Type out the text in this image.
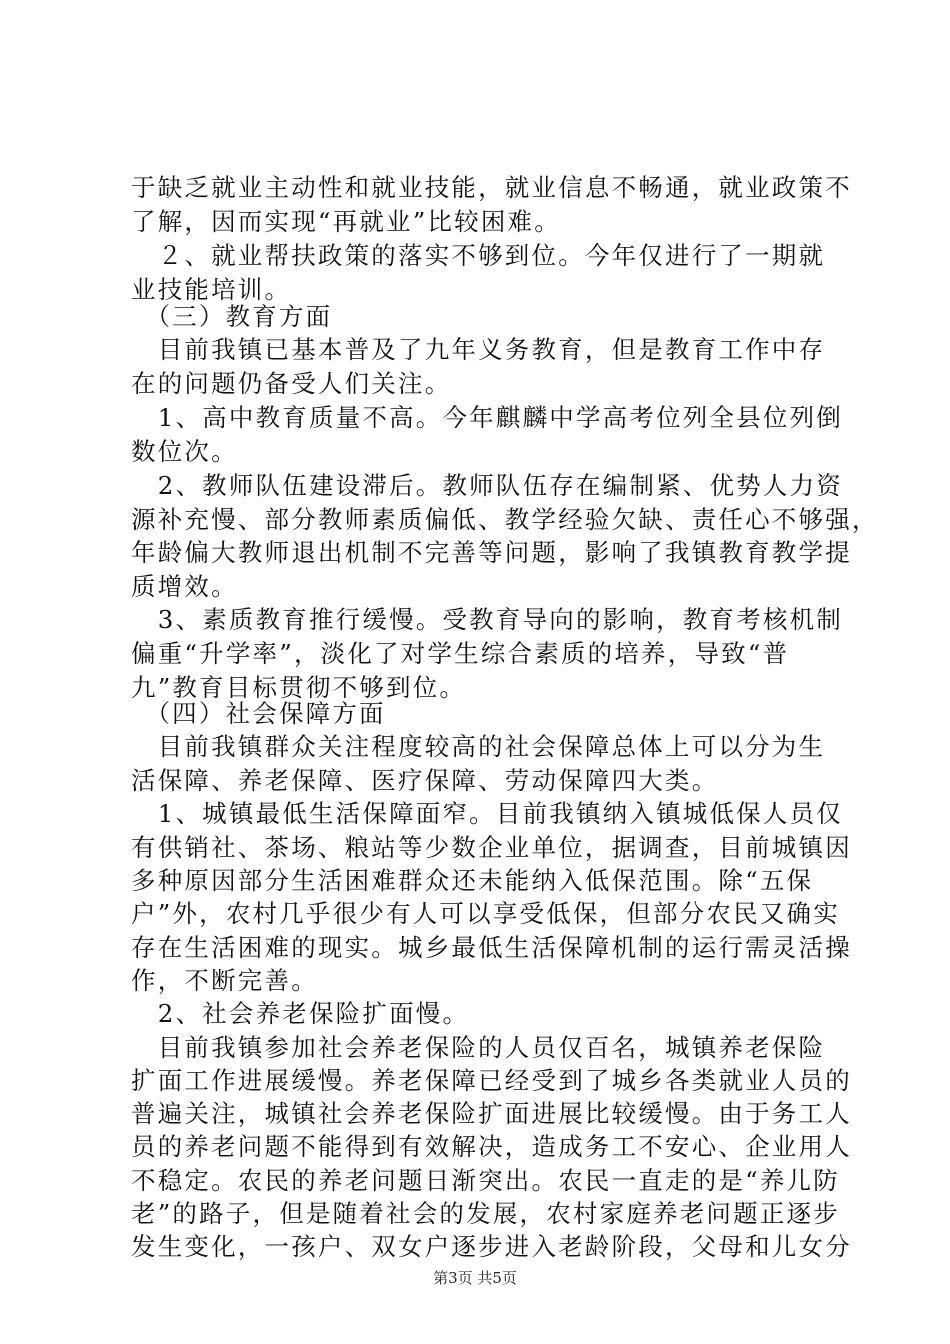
于缺乏就业主动性和就业技能，就业信息不畅通，就业政策不
了解，因而实现“再就业”比较困难。
　２、就业帮扶政策的落实不够到位。今年仅进行了一期就
业技能培训。
　（三）教育方面
　目前我镇已基本普及了九年义务教育，但是教育工作中存
在的问题仍备受人们关注。
　1、高中教育质量不高。今年麒麟中学高考位列全县位列倒
数位次。
　2、教师队伍建设滞后。教师队伍存在编制紧、优势人力资
源补充慢、部分教师素质偏低、教学经验欠缺、责任心不够强，
年龄偏大教师退出机制不完善等问题，影响了我镇教育教学提
质增效。
　3、素质教育推行缓慢。受教育导向的影响，教育考核机制
偏重“升学率”，淡化了对学生综合素质的培养，导致“普
九”教育目标贯彻不够到位。
　（四）社会保障方面
　目前我镇群众关注程度较高的社会保障总体上可以分为生
活保障、养老保障、医疗保障、劳动保障四大类。
　1、城镇最低生活保障面窄。目前我镇纳入镇城低保人员仅
有供销社、茶场、粮站等少数企业单位，据调查，目前城镇因
多种原因部分生活困难群众还未能纳入低保范围。除“五保
户”外，农村几乎很少有人可以享受低保，但部分农民又确实
存在生活困难的现实。城乡最低生活保障机制的运行需灵活操
作，不断完善。
　2、社会养老保险扩面慢。
　目前我镇参加社会养老保险的人员仅百名，城镇养老保险
扩面工作进展缓慢。养老保障已经受到了城乡各类就业人员的
普遍关注，城镇社会养老保险扩面进展比较缓慢。由于务工人
员的养老问题不能得到有效解决，造成务工不安心、企业用人
不稳定。农民的养老问题日渐突出。农民一直走的是“养儿防
老”的路子，但是随着社会的发展，农村家庭养老问题正逐步
发生变化，一孩户、双女户逐步进入老龄阶段，父母和儿女分
第3页 共5页
